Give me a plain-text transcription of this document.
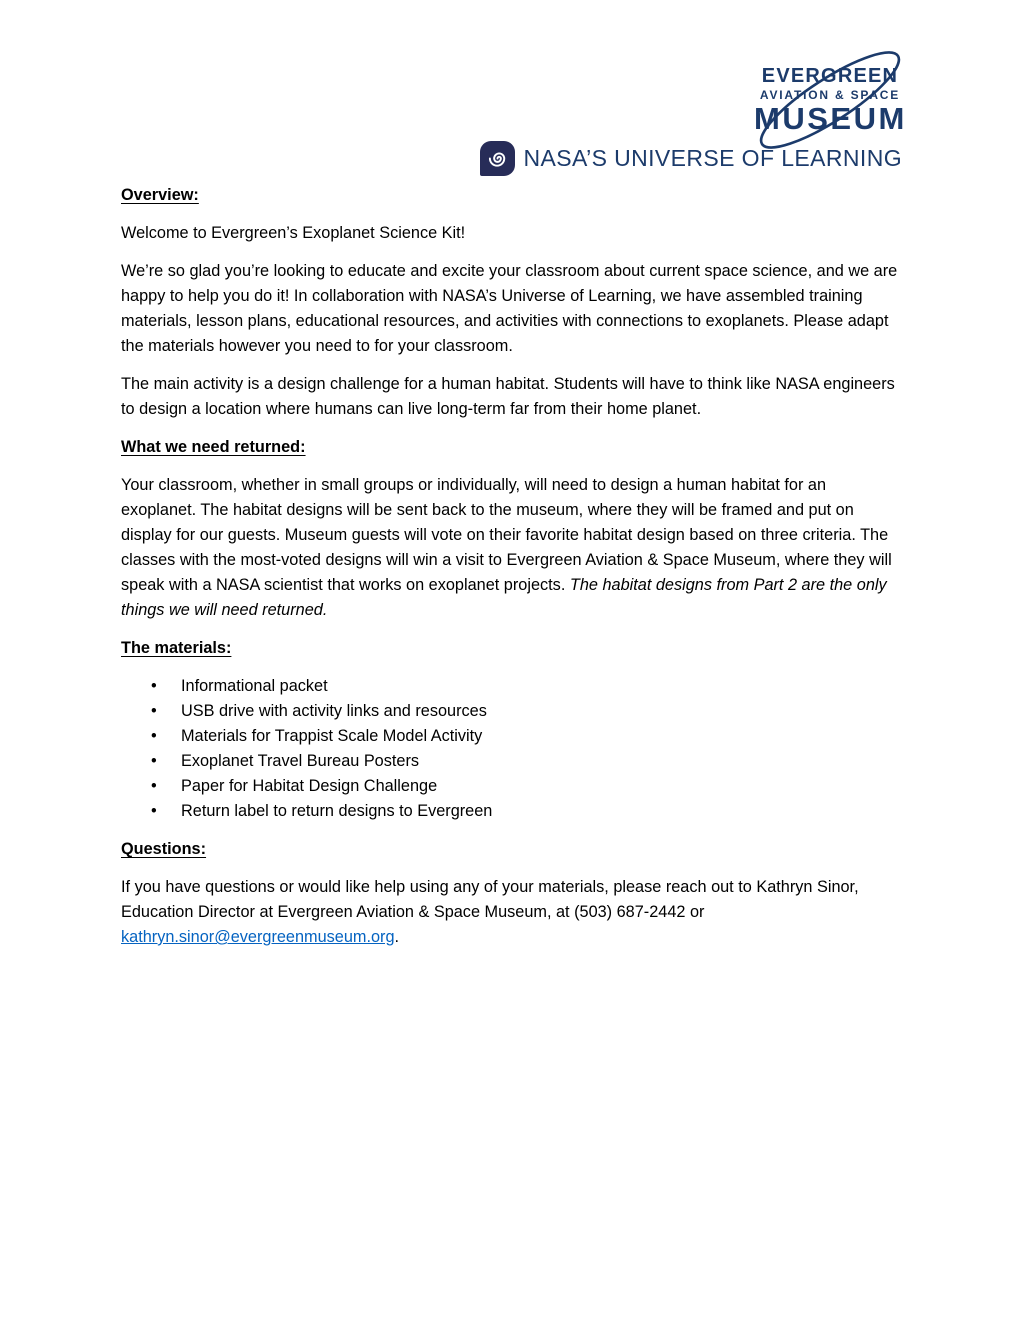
EVERGREEN
AVIATION & SPACE
MUSEUM
NASA’S UNIVERSE OF LEARNING
Overview:

Welcome to Evergreen’s Exoplanet Science Kit!

We’re so glad you’re looking to educate and excite your classroom about current space science, and we are happy to help you do it! In collaboration with NASA’s Universe of Learning, we have assembled training materials, lesson plans, educational resources, and activities with connections to exoplanets. Please adapt the materials however you need to for your classroom.

The main activity is a design challenge for a human habitat. Students will have to think like NASA engineers to design a location where humans can live long-term far from their home planet.

What we need returned:

Your classroom, whether in small groups or individually, will need to design a human habitat for an exoplanet. The habitat designs will be sent back to the museum, where they will be framed and put on display for our guests. Museum guests will vote on their favorite habitat design based on three criteria. The classes with the most-voted designs will win a visit to Evergreen Aviation & Space Museum, where they will speak with a NASA scientist that works on exoplanet projects. The habitat designs from Part 2 are the only things we will need returned.

The materials:
• Informational packet
• USB drive with activity links and resources
• Materials for Trappist Scale Model Activity
• Exoplanet Travel Bureau Posters
• Paper for Habitat Design Challenge
• Return label to return designs to Evergreen
Questions:

If you have questions or would like help using any of your materials, please reach out to Kathryn Sinor, Education Director at Evergreen Aviation & Space Museum, at (503) 687-2442 or kathryn.sinor@evergreenmuseum.org.
